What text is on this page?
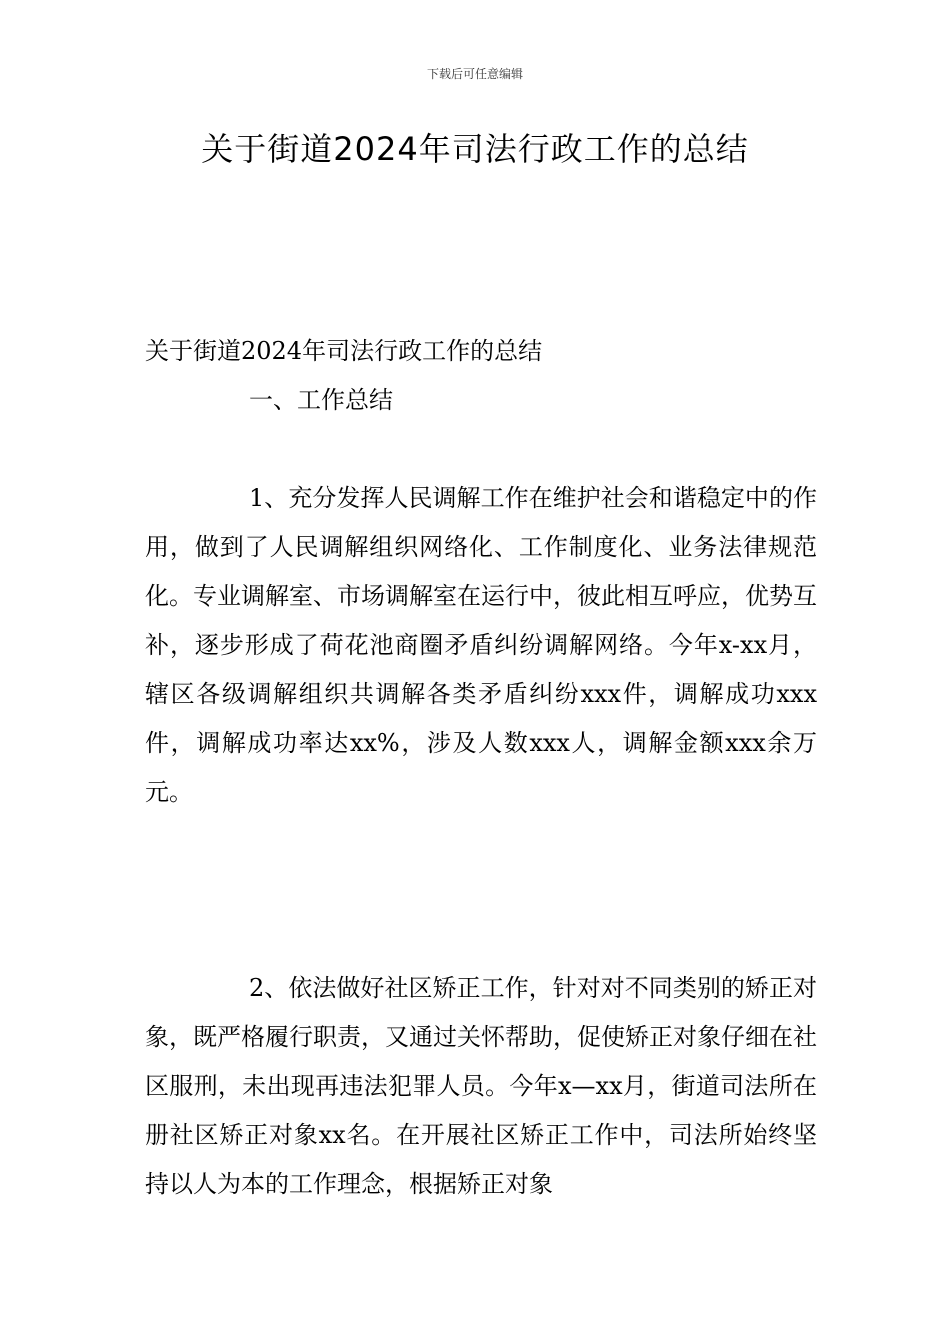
下载后可任意编辑
关于街道2024年司法行政工作的总结

关于街道2024年司法行政工作的总结

一、工作总结

1、充分发挥人民调解工作在维护社会和谐稳定中的作用，做到了人民调解组织网络化、工作制度化、业务法律规范化。专业调解室、市场调解室在运行中，彼此相互呼应，优势互补，逐步形成了荷花池商圈矛盾纠纷调解网络。今年x-xx月，辖区各级调解组织共调解各类矛盾纠纷xxx件，调解成功xxx件，调解成功率达xx%，涉及人数xxx人，调解金额xxx余万元。

2、依法做好社区矫正工作，针对对不同类别的矫正对象，既严格履行职责，又通过关怀帮助，促使矫正对象仔细在社区服刑，未出现再违法犯罪人员。今年x—xx月，街道司法所在册社区矫正对象xx名。在开展社区矫正工作中，司法所始终坚持以人为本的工作理念，根据矫正对象
